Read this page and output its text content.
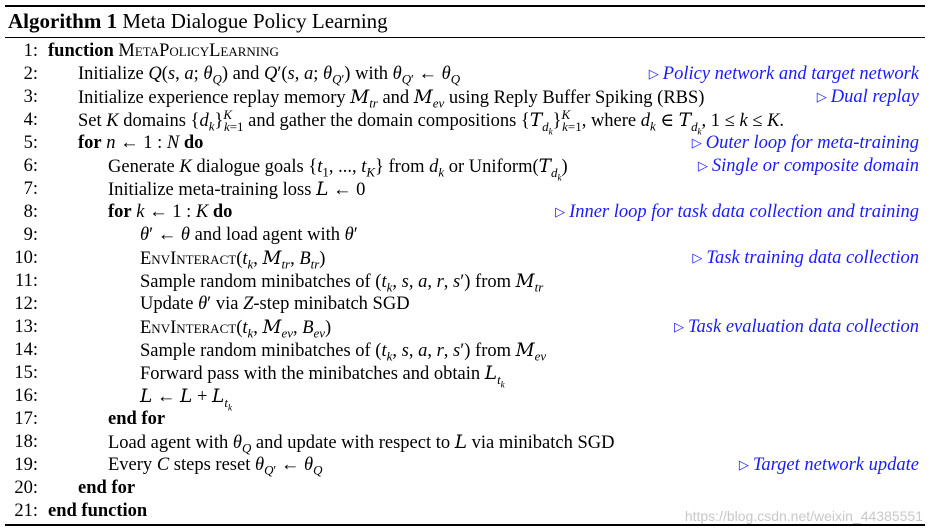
Algorithm 1 Meta Dialogue Policy Learning
1: function MetaPolicyLearning
2: Initialize Q(s, a; $\theta_Q$) and Q′(s, a; $\theta_{Q'}$) with $\theta_{Q'}$ ← $\theta_Q$	▷ Policy network and target network
3: Initialize experience replay memory $M_{tr}$ and $M_{ev}$ using Reply Buffer Spiking (RBS)	▷ Dual replay
4: Set K domains $\{d_k\}^K_{k=1}$ and gather the domain compositions $\{T_{d_k}\}^K_{k=1}$, where $d_k$ ∈ $T_{d_k}$, 1 ≤ k ≤ K.
5: for n ← 1 : N do	▷ Outer loop for meta-training
6:	Generate K dialogue goals {$t_1$, ..., $t_K$} from $d_k$ or $Uniform(T_{d_k})$	▷ Single or composite domain
7:	Initialize meta-training loss L ← 0
8:	for k ← 1 : K do	▷ Inner loop for task data collection and training
9:	θ′ ← θ and load agent with θ′
10:	$EnvInteract(t_k$, $M_{tr}$, $B_{tr}$)	▷ Task training data collection
11:	Sample random minibatches of ($t_k$, s, a, r, s′) from $M_{tr}$
12:	Update θ′ via Z-step minibatch SGD
13:	$EnvInteract(t_k$, $M_{ev}$, $B_{ev}$)	▷ Task evaluation data collection
14:	Sample random minibatches of ($t_k$, s, a, r, s′) from $M_{ev}$
15:	Forward pass with the minibatches and obtain $L_{t_k}$
16:	L ← $L + L_{t_k}$
17:	end for
18:	Load agent with $\theta_Q$ and update with respect to L via minibatch SGD
19:	Every C steps reset $\theta_{Q'}$ ← $\theta_Q$	▷ Target network update
20: end for
21: end function	https://blog.csdn.net/weixin_44385551
